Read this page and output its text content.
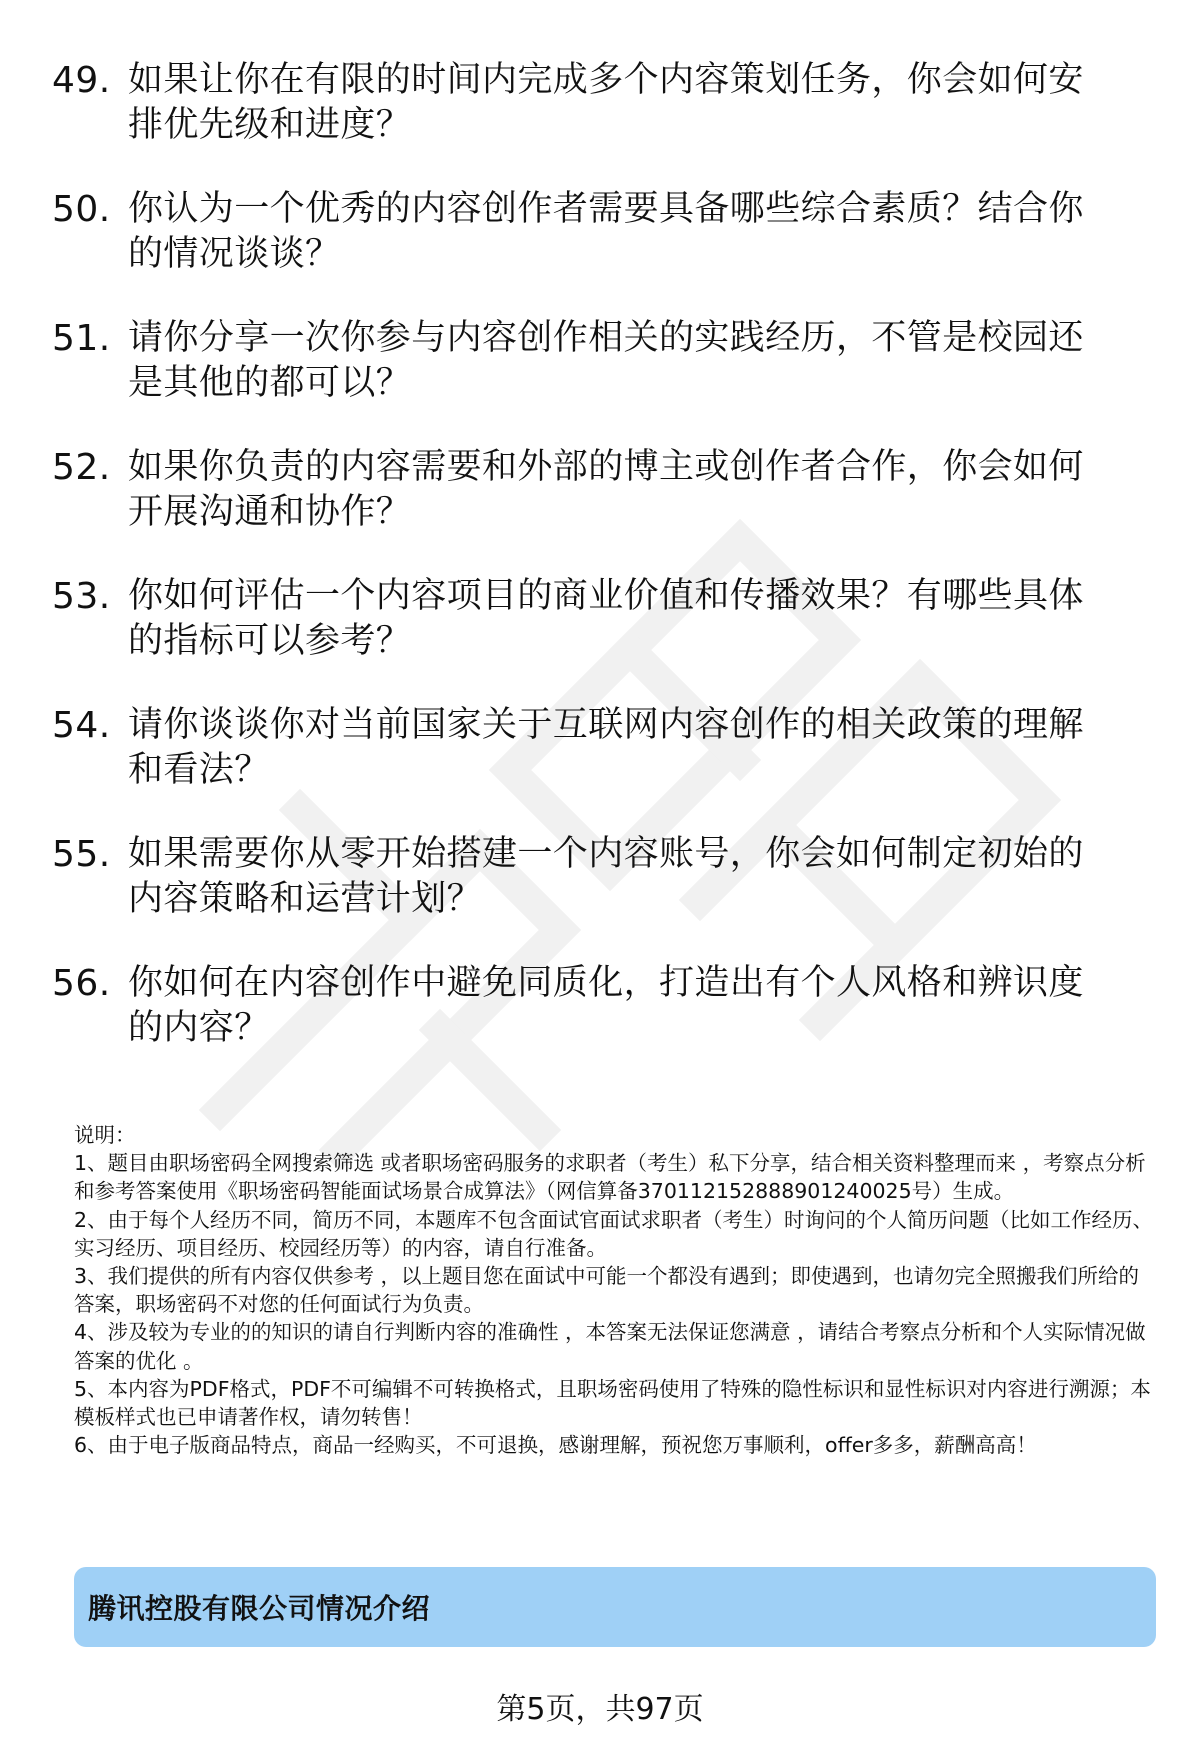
49. 如果让你在有限的时间内完成多个内容策划任务，你会如何安排优先级和进度？
50. 你认为一个优秀的内容创作者需要具备哪些综合素质？结合你的情况谈谈？
51. 请你分享一次你参与内容创作相关的实践经历，不管是校园还是其他的都可以？
52. 如果你负责的内容需要和外部的博主或创作者合作，你会如何开展沟通和协作？
53. 你如何评估一个内容项目的商业价值和传播效果？有哪些具体的指标可以参考？
54. 请你谈谈你对当前国家关于互联网内容创作的相关政策的理解和看法？
55. 如果需要你从零开始搭建一个内容账号，你会如何制定初始的内容策略和运营计划？
56. 你如何在内容创作中避免同质化，打造出有个人风格和辨识度的内容？

说明：

1、题目由职场密码全网搜索筛选 或者职场密码服务的求职者（考生）私下分享，结合相关资料整理而来 ，考察点分析和参考答案使用《职场密码智能面试场景合成算法》（网信算备370112152888901240025号）生成。

2、由于每个人经历不同，简历不同，本题库不包含面试官面试求职者（考生）时询问的个人简历问题（比如工作经历、实习经历、项目经历、校园经历等）的内容，请自行准备。

3、我们提供的所有内容仅供参考 ，以上题目您在面试中可能一个都没有遇到；即使遇到，也请勿完全照搬我们所给的答案，职场密码不对您的任何面试行为负责。

4、涉及较为专业的的知识的请自行判断内容的准确性 ，本答案无法保证您满意 ，请结合考察点分析和个人实际情况做答案的优化 。

5、本内容为PDF格式，PDF不可编辑不可转换格式，且职场密码使用了特殊的隐性标识和显性标识对内容进行溯源；本模板样式也已申请著作权，请勿转售！

6、由于电子版商品特点，商品一经购买，不可退换，感谢理解，预祝您万事顺利，offer多多，薪酬高高！

腾讯控股有限公司情况介绍
第5页，共97页
